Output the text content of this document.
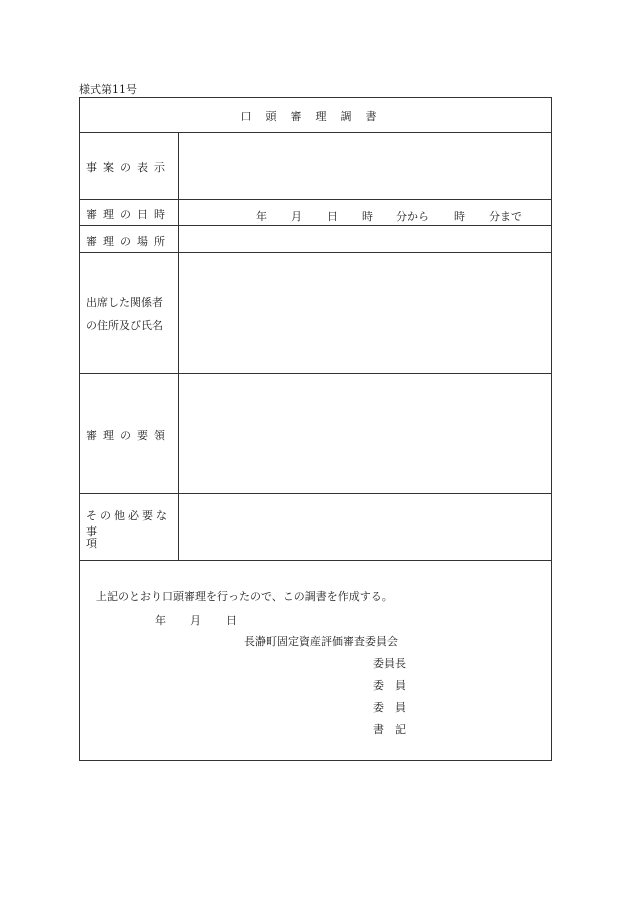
様式第11号
口頭審理調書
事案の表示
審理の日時	年 月 日 時 分から 時 分まで
審理の場所
出席した関係者
の住所及び氏名
審理の要領
その他必要な事
項
上記のとおり口頭審理を行ったので、この調書を作成する。
年 月 日
長瀞町固定資産評価審査委員会
委員長
委　員
委　員
書　記
